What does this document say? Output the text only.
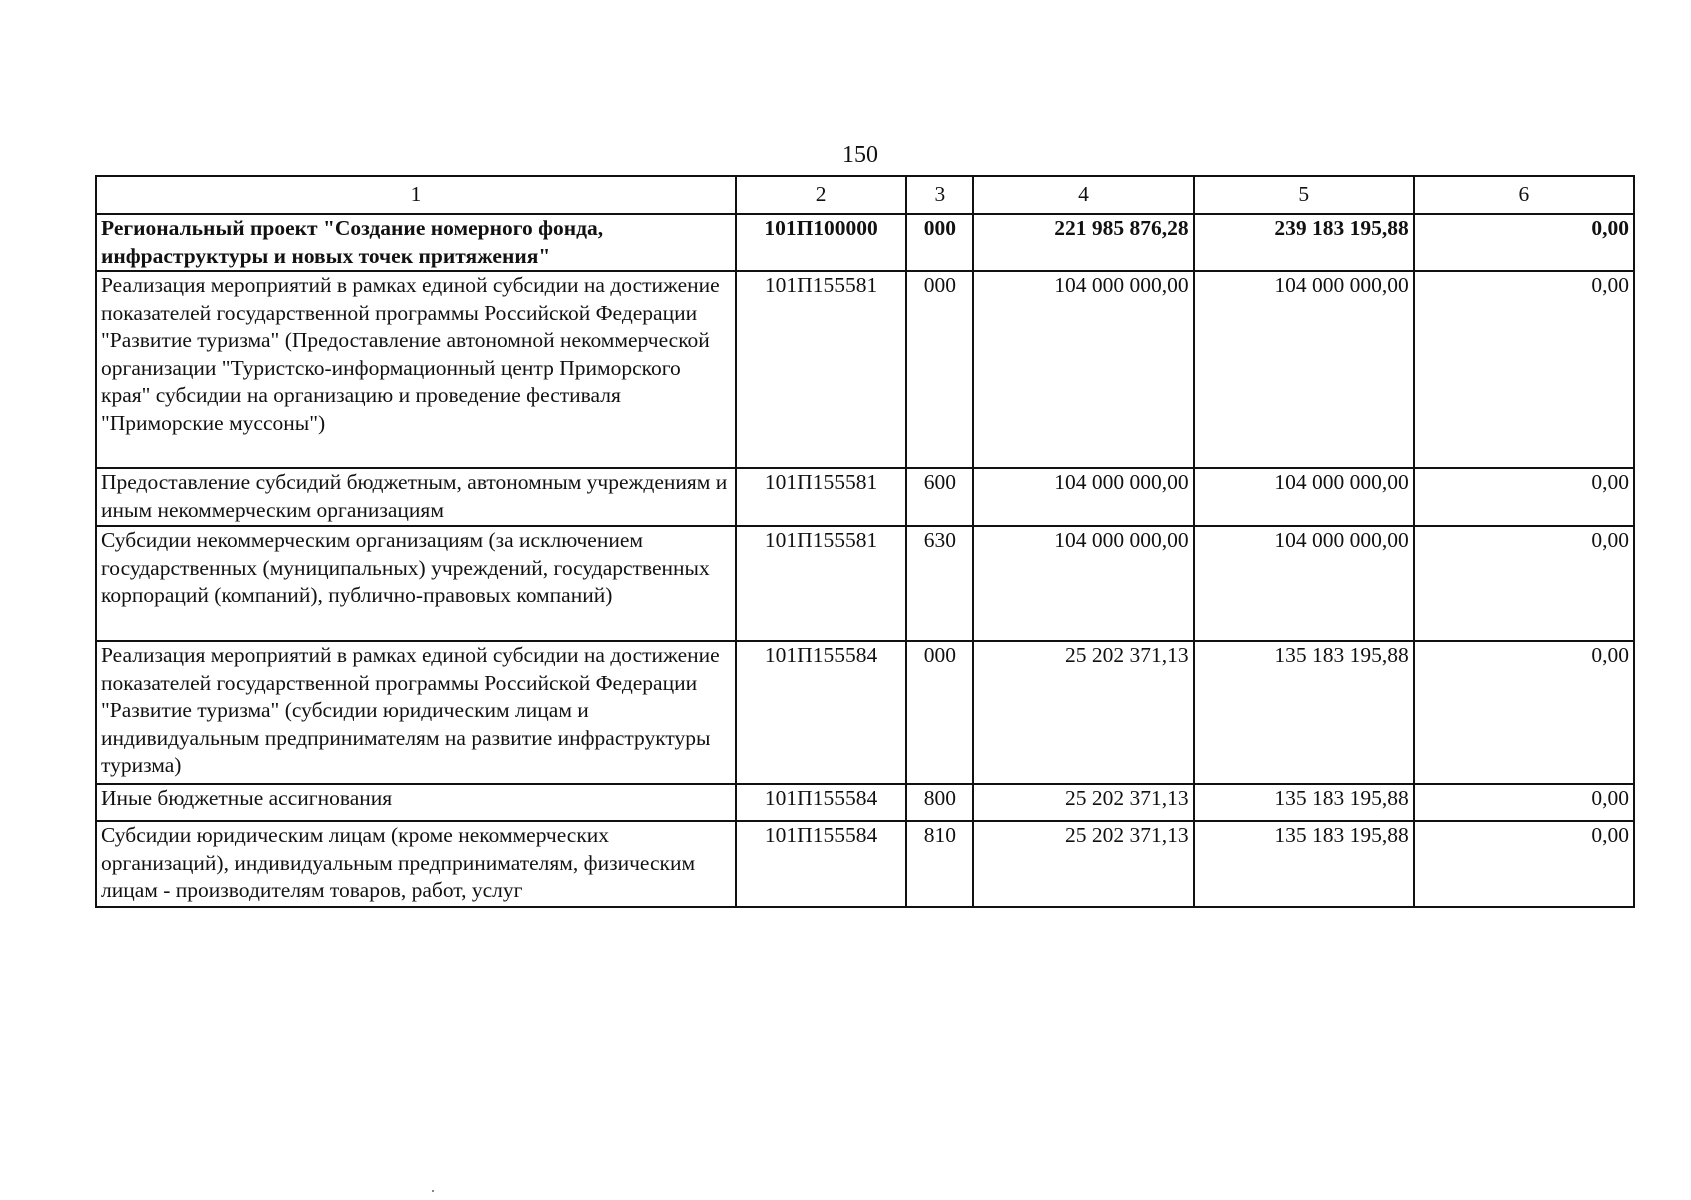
150
1	2	3	4	5	6
Региональный проект "Создание номерного фонда, инфраструктуры и новых точек притяжения"	101П100000	000	221 985 876,28	239 183 195,88	0,00
Реализация мероприятий в рамках единой субсидии на достижение показателей государственной программы Российской Федерации "Развитие туризма" (Предоставление автономной некоммерческой организации "Туристско-информационный центр Приморского края" субсидии на организацию и проведение фестиваля "Приморские муссоны")	101П155581	000	104 000 000,00	104 000 000,00	0,00
Предоставление субсидий бюджетным, автономным учреждениям и иным некоммерческим организациям	101П155581	600	104 000 000,00	104 000 000,00	0,00
Субсидии некоммерческим организациям (за исключением государственных (муниципальных) учреждений, государственных корпораций (компаний), публично-правовых компаний)	101П155581	630	104 000 000,00	104 000 000,00	0,00
Реализация мероприятий в рамках единой субсидии на достижение показателей государственной программы Российской Федерации "Развитие туризма" (субсидии юридическим лицам и индивидуальным предпринимателям на развитие инфраструктуры туризма)	101П155584	000	25 202 371,13	135 183 195,88	0,00
Иные бюджетные ассигнования	101П155584	800	25 202 371,13	135 183 195,88	0,00
Субсидии юридическим лицам (кроме некоммерческих организаций), индивидуальным предпринимателям, физическим лицам - производителям товаров, работ, услуг	101П155584	810	25 202 371,13	135 183 195,88	0,00
